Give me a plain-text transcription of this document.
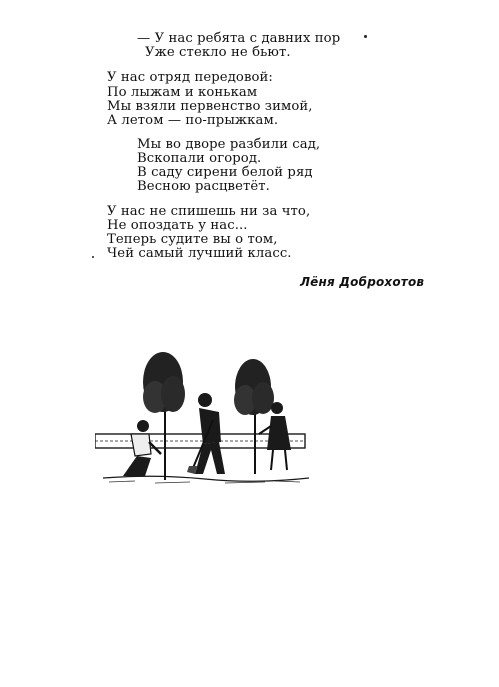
— У нас ребята с давних пор
Уже стекло не бьют.
У нас отряд передовой:
По лыжам и конькам
Мы взяли первенство зимой,
А летом — по-прыжкам.
Мы во дворе разбили сад,
Вскопали огород.
В саду сирени белой ряд
Весною расцветёт.
У нас не спишешь ни за что,
Не опоздать у нас...
Теперь судите вы о том,
Чей самый лучший класс.
Лёня Доброхотов
